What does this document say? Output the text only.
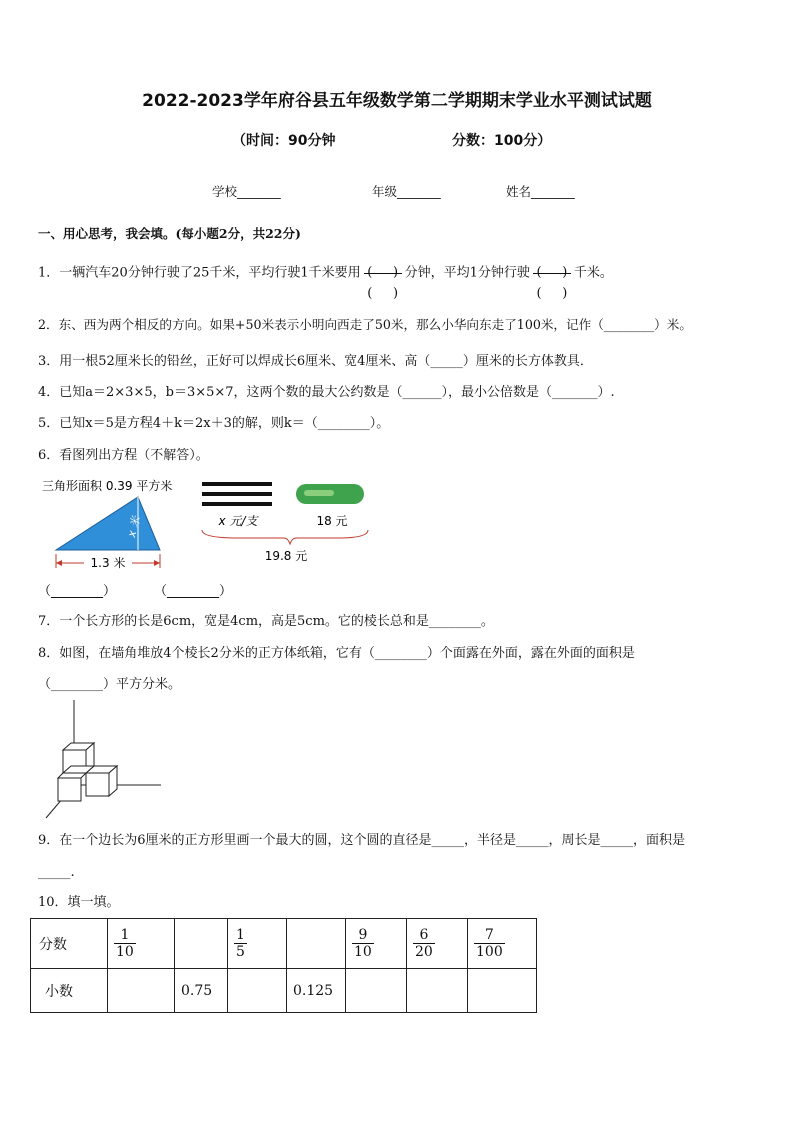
2022-2023学年府谷县五年级数学第二学期期末学业水平测试试题
（时间：90分钟	分数：100分）
学校_______	年级_______	姓名_______
一、用心思考，我会填。(每小题2分，共22分)
1．一辆汽车20分钟行驶了25千米，平均行驶1千米要用 $\frac{( )}{( )}$ 分钟，平均1分钟行驶 $\frac{( )}{( )}$ 千米。
2．东、西为两个相反的方向。如果+50米表示小明向西走了50米，那么小华向东走了100米，记作（________）米。
3．用一根52厘米长的铅丝，正好可以焊成长6厘米、宽4厘米、高（_____）厘米的长方体教具．
4．已知a＝2×3×5，b＝3×5×7，这两个数的最大公约数是（______），最小公倍数是（_______）.
5．已知x＝5是方程4＋k＝2x＋3的解，则k＝（________）。
6．看图列出方程（不解答）。
三角形面积 0.39 平方米
x 米
1.3 米
x 元/支	18 元
19.8 元
（________）	（________）
7．一个长方形的长是6cm，宽是4cm，高是5cm。它的棱长总和是________。
8．如图，在墙角堆放4个棱长2分米的正方体纸箱，它有（________）个面露在外面，露在外面的面积是
（________）平方分米。
9．在一个边长为6厘米的正方形里画一个最大的圆，这个圆的直径是_____，半径是_____，周长是_____，面积是
_____.
10．填一填。
分数	$\frac{1}{10}$		$\frac{1}{5}$		$\frac{9}{10}$	$\frac{6}{20}$	$\frac{7}{100}$

小数		0.75		0.125			
